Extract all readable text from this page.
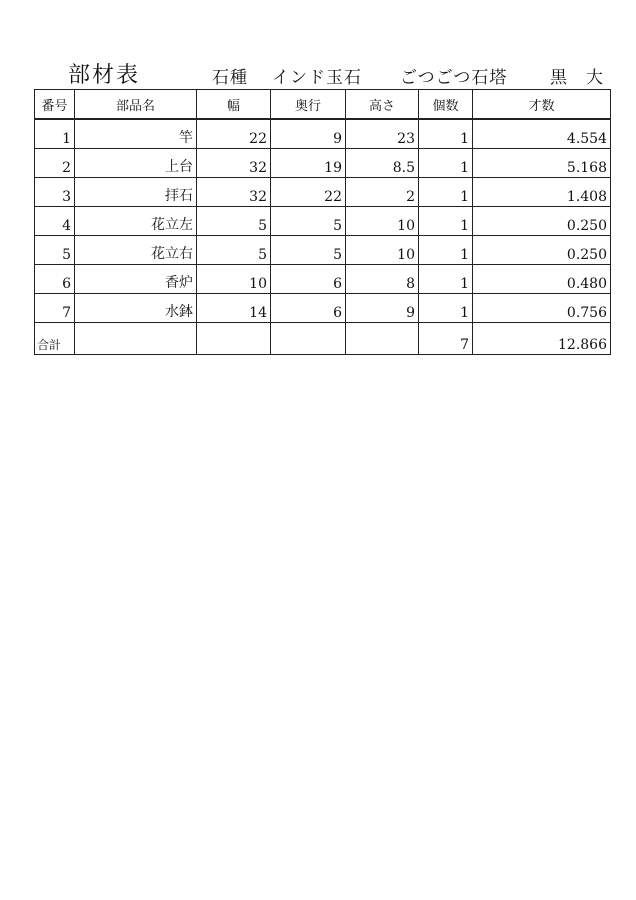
部材表	石種 インド玉石 ごつごつ石塔	黒　大
番号	部品名	幅	奥行	高さ	個数	才数
1	竿	22	9	23	1	4.554
2	上台	32	19	8.5	1	5.168
3	拝石	32	22	2	1	1.408
4	花立左	5	5	10	1	0.250
5	花立右	5	5	10	1	0.250
6	香炉	10	6	8	1	0.480
7	水鉢	14	6	9	1	0.756
合計					7	12.866
